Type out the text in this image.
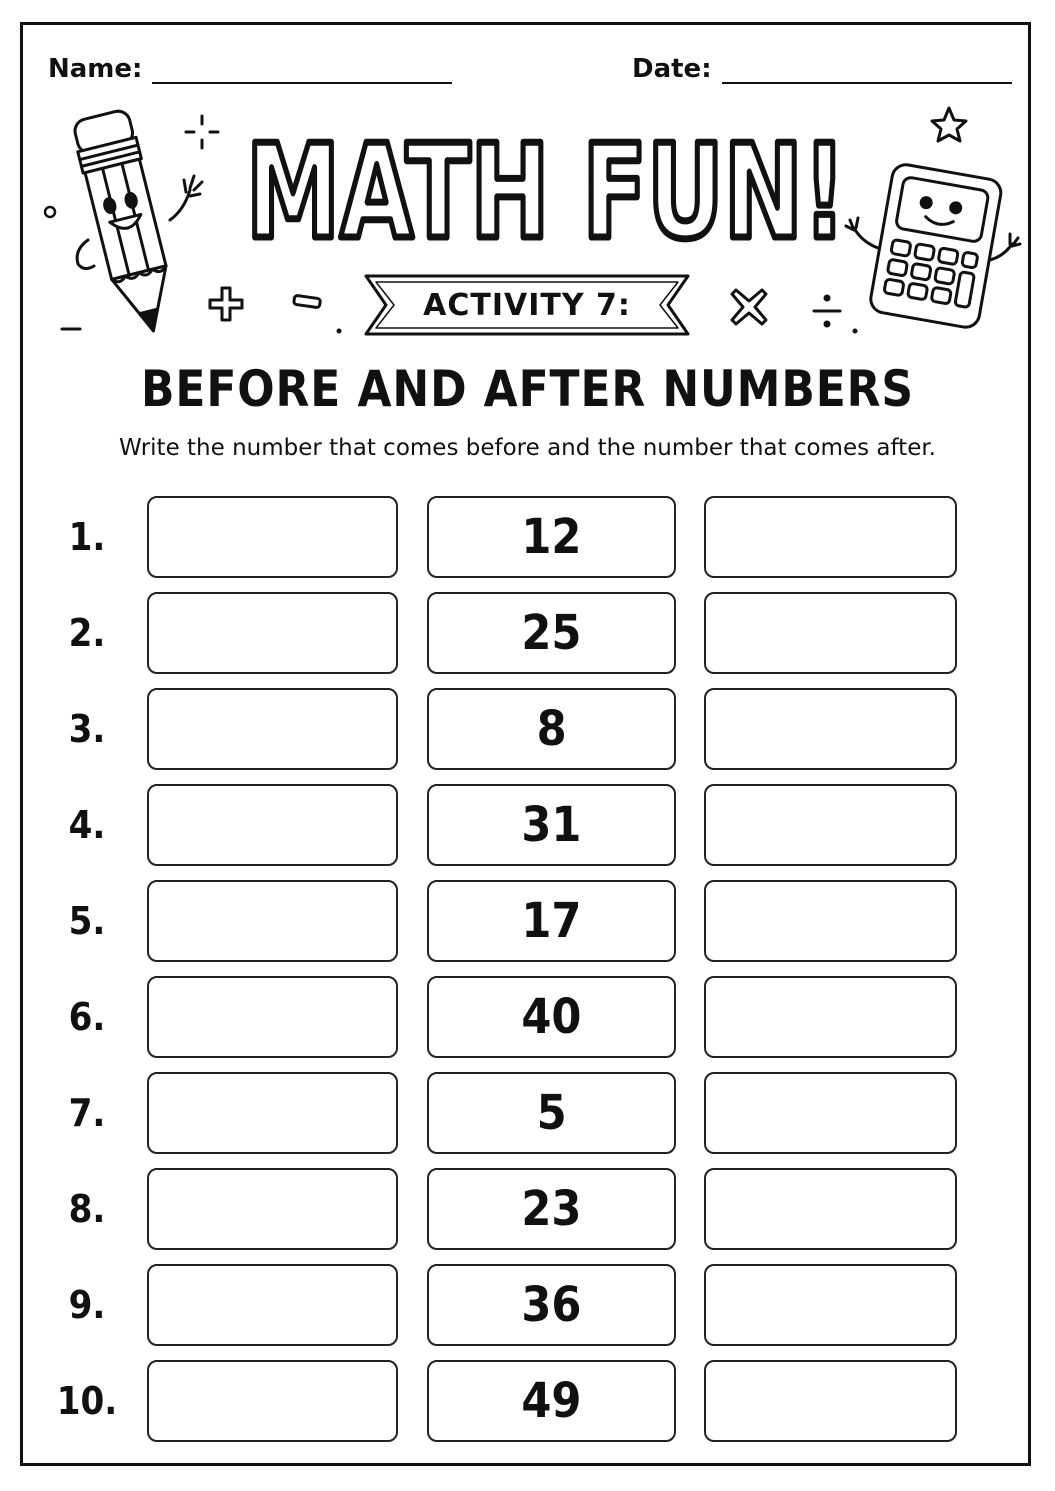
Name:	Date:
MATH FUN!
ACTIVITY 7:
BEFORE AND AFTER NUMBERS
Write the number that comes before and the number that comes after.
1.	12
2.	25
3.	8
4.	31
5.	17
6.	40
7.	5
8.	23
9.	36
10.	49
